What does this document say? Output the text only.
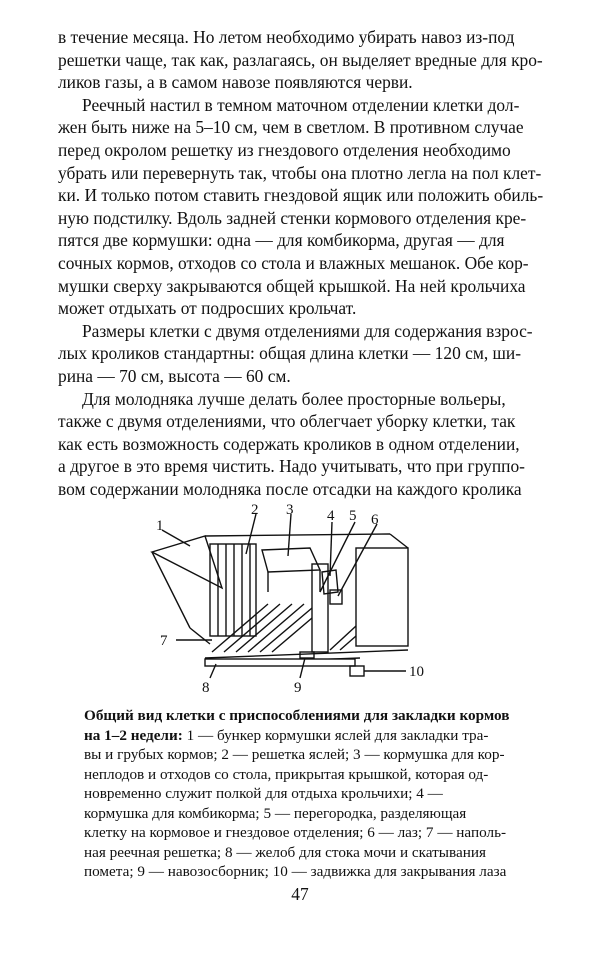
в течение месяца. Но летом необходимо убирать навоз из-под
решетки чаще, так как, разлагаясь, он выделяет вредные для кро-
ликов газы, а в самом навозе появляются черви.
Реечный настил в темном маточном отделении клетки дол-
жен быть ниже на 5–10 см, чем в светлом. В противном случае
перед окролом решетку из гнездового отделения необходимо
убрать или перевернуть так, чтобы она плотно легла на пол клет-
ки. И только потом ставить гнездовой ящик или положить обиль-
ную подстилку. Вдоль задней стенки кормового отделения кре-
пятся две кормушки: одна — для комбикорма, другая — для
сочных кормов, отходов со стола и влажных мешанок. Обе кор-
мушки сверху закрываются общей крышкой. На ней крольчиха
может отдыхать от подросших крольчат.
Размеры клетки с двумя отделениями для содержания взрос-
лых кроликов стандартны: общая длина клетки — 120 см, ши-
рина — 70 см, высота — 60 см.
Для молодняка лучше делать более просторные вольеры,
также с двумя отделениями, что облегчает уборку клетки, так
как есть возможность содержать кроликов в одном отделении,
а другое в это время чистить. Надо учитывать, что при группо-
вом содержании молодняка после отсадки на каждого кролика
1
2 3 4 5 6
7
8	9
10
Общий вид клетки с приспособлениями для закладки кормов
на 1–2 недели: 1 — бункер кормушки яслей для закладки тра-
вы и грубых кормов; 2 — решетка яслей; 3 — кормушка для кор-
неплодов и отходов со стола, прикрытая крышкой, которая од-
новременно служит полкой для отдыха крольчихи; 4 —
кормушка для комбикорма; 5 — перегородка, разделяющая
клетку на кормовое и гнездовое отделения; 6 — лаз; 7 — наполь-
ная реечная решетка; 8 — желоб для стока мочи и скатывания
помета; 9 — навозосборник; 10 — задвижка для закрывания лаза
47
